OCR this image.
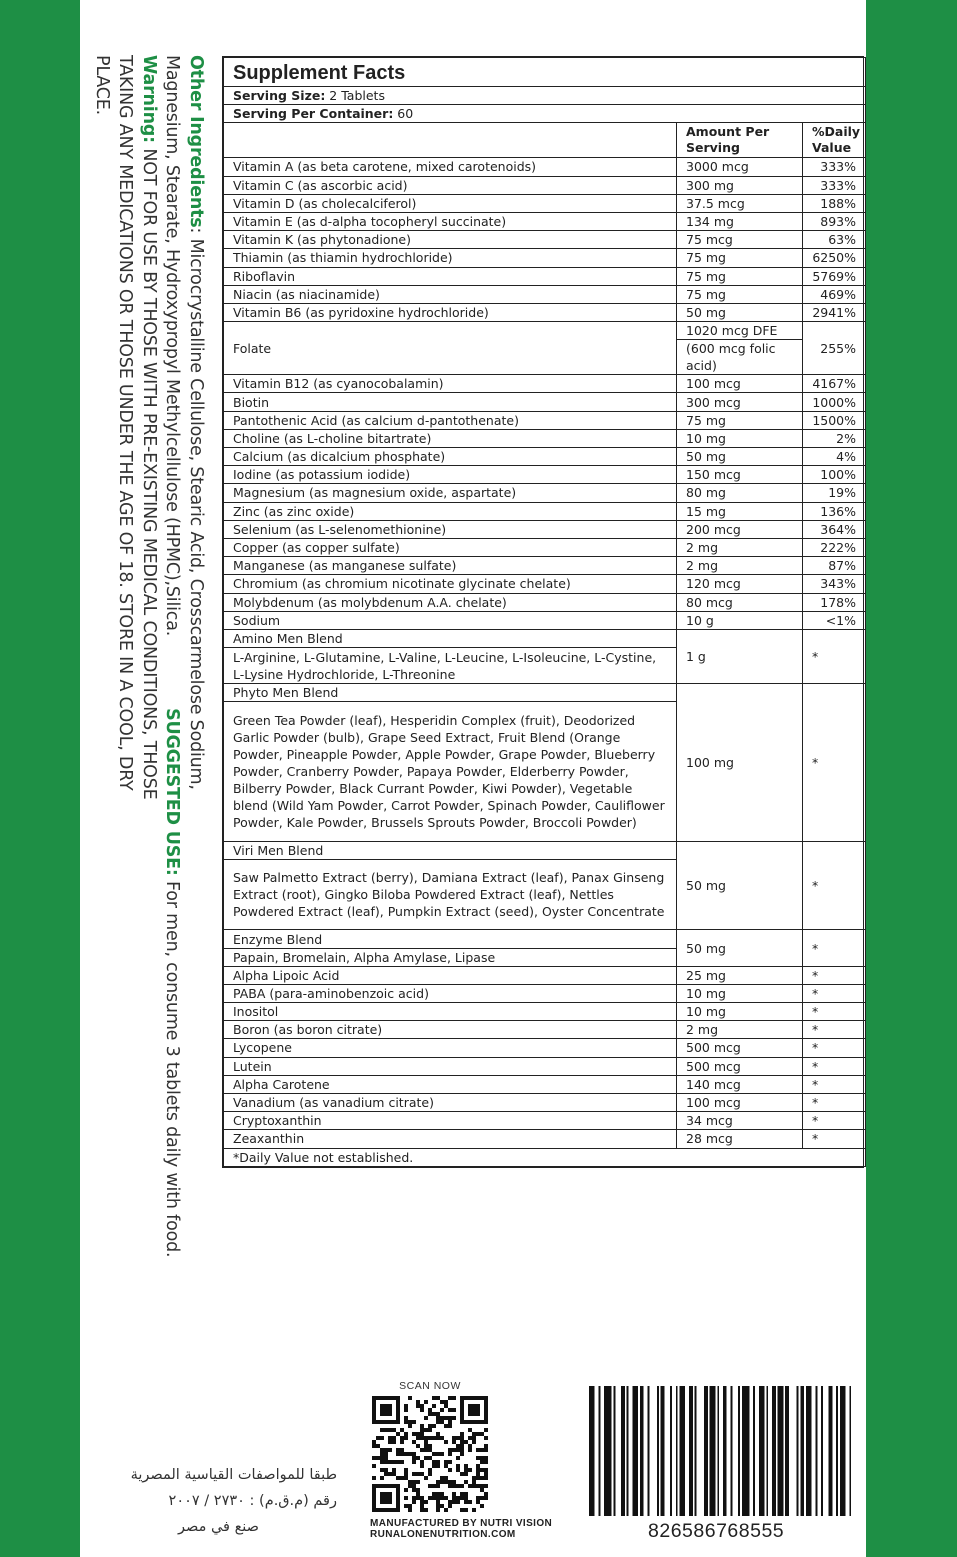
Other Ingredients: Microcrystalline Cellulose, Stearic Acid, Crosscarmelose Sodium,
Magnesium, Stearate, Hydroxypropyl Methylcellulose (HPMC),Silica.SUGGESTED USE: For men, consume 3 tablets daily with food.
Warning: NOT FOR USE BY THOSE WITH PRE-EXISTING MEDICAL CONDITIONS, THOSE
TAKING ANY MEDICATIONS OR THOSE UNDER THE AGE OF 18. STORE IN A COOL, DRY
PLACE.	Supplement Facts		
Serving Size: 2 Tablets		
Serving Per Container: 60		
	Amount Per Serving	%Daily Value
Vitamin A (as beta carotene, mixed carotenoids)	3000 mcg	333%
Vitamin C (as ascorbic acid)	300 mg	333%
Vitamin D (as cholecalciferol)	37.5 mcg	188%
Vitamin E (as d-alpha tocopheryl succinate)	134 mg	893%
Vitamin K (as phytonadione)	75 mcg	63%
Thiamin (as thiamin hydrochloride)	75 mg	6250%
Riboflavin	75 mg	5769%
Niacin (as niacinamide)	75 mg	469%
Vitamin B6 (as pyridoxine hydrochloride)	50 mg	2941%
Folate	1020 mcg DFE	255%
	(600 mcg folic acid)	
Vitamin B12 (as cyanocobalamin)	100 mcg	4167%
Biotin	300 mcg	1000%
Pantothenic Acid (as calcium d-pantothenate)	75 mg	1500%
Choline (as L-choline bitartrate)	10 mg	2%
Calcium (as dicalcium phosphate)	50 mg	4%
Iodine (as potassium iodide)	150 mcg	100%
Magnesium (as magnesium oxide, aspartate)	80 mg	19%
Zinc (as zinc oxide)	15 mg	136%
Selenium (as L-selenomethionine)	200 mcg	364%
Copper (as copper sulfate)	2 mg	222%
Manganese (as manganese sulfate)	2 mg	87%
Chromium (as chromium nicotinate glycinate chelate)	120 mcg	343%
Molybdenum (as molybdenum A.A. chelate)	80 mcg	178%
Sodium	10 g	<1%
Amino Men Blend	1 g	*
L-Arginine, L-Glutamine, L-Valine, L-Leucine, L-Isoleucine, L-Cystine, L-Lysine Hydrochloride, L-Threonine		
Phyto Men Blend	100 mg	*
Green Tea Powder (leaf), Hesperidin Complex (fruit), Deodorized Garlic Powder (bulb), Grape Seed Extract, Fruit Blend (Orange Powder, Pineapple Powder, Apple Powder, Grape Powder, Blueberry Powder, Cranberry Powder, Papaya Powder, Elderberry Powder, Bilberry Powder, Black Currant Powder, Kiwi Powder), Vegetable blend (Wild Yam Powder, Carrot Powder, Spinach Powder, Cauliflower Powder, Kale Powder, Brussels Sprouts Powder, Broccoli Powder)		
Viri Men Blend	50 mg	*
Saw Palmetto Extract (berry), Damiana Extract (leaf), Panax Ginseng Extract (root), Gingko Biloba Powdered Extract (leaf), Nettles Powdered Extract (leaf), Pumpkin Extract (seed), Oyster Concentrate		
Enzyme Blend	50 mg	*
Papain, Bromelain, Alpha Amylase, Lipase		
Alpha Lipoic Acid	25 mg	*
PABA (para-aminobenzoic acid)	10 mg	*
Inositol	10 mg	*
Boron (as boron citrate)	2 mg	*
Lycopene	500 mcg	*
Lutein	500 mcg	*
Alpha Carotene	140 mcg	*
Vanadium (as vanadium citrate)	100 mcg	*
Cryptoxanthin	34 mcg	*
Zeaxanthin	28 mcg	*
*Daily Value not established.		
طبقا للمواصفات القياسية المصرية
رقم (م.ق.م) : ٢٧٣٠ / ٢٠٠٧
صنع في مصر
SCAN NOW
MANUFACTURED BY NUTRI VISION
RUNALONENUTRITION.COM	826586768555
